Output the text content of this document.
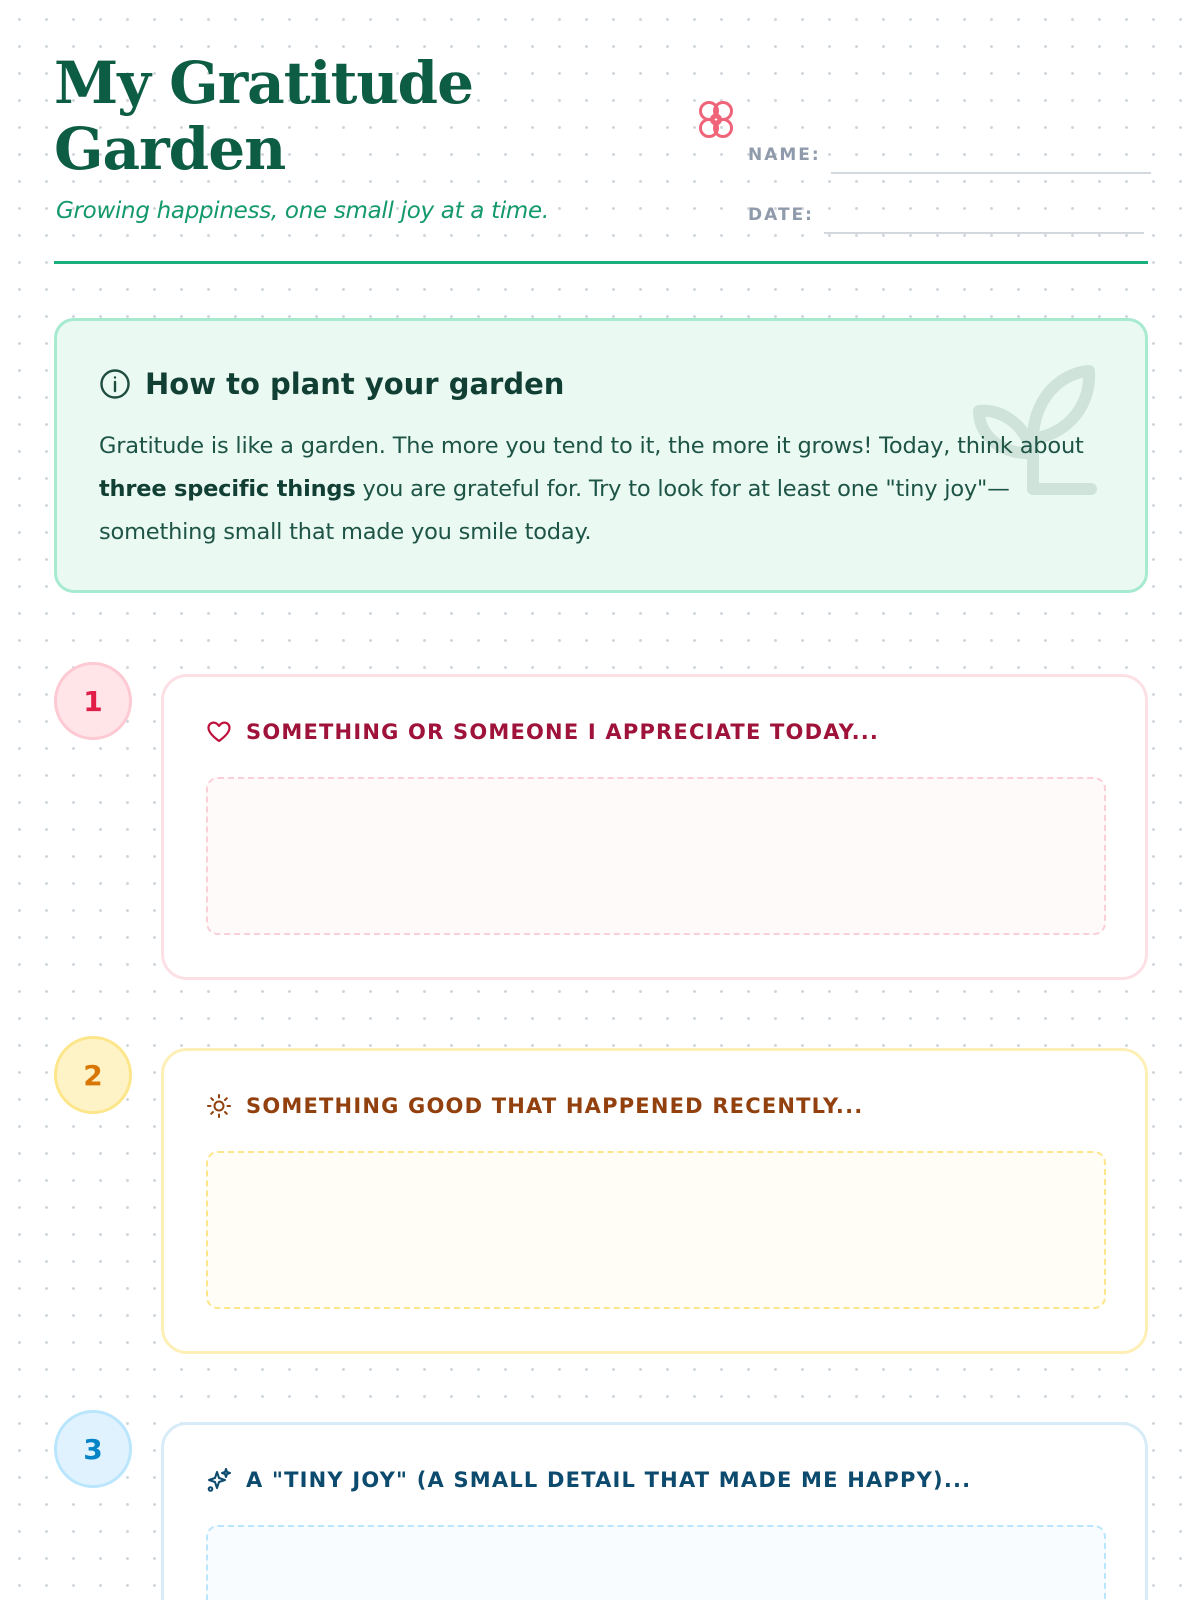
My Gratitude
Garden
Growing happiness, one small joy at a time.
NAME:
DATE:
How to plant your garden

Gratitude is like a garden. The more you tend to it, the more it grows! Today, think about three specific things you are grateful for. Try to look for at least one "tiny joy"—something small that made you smile today.

1
SOMETHING OR SOMEONE I APPRECIATE TODAY...
2
SOMETHING GOOD THAT HAPPENED RECENTLY...
3
A "TINY JOY" (A SMALL DETAIL THAT MADE ME HAPPY)...
